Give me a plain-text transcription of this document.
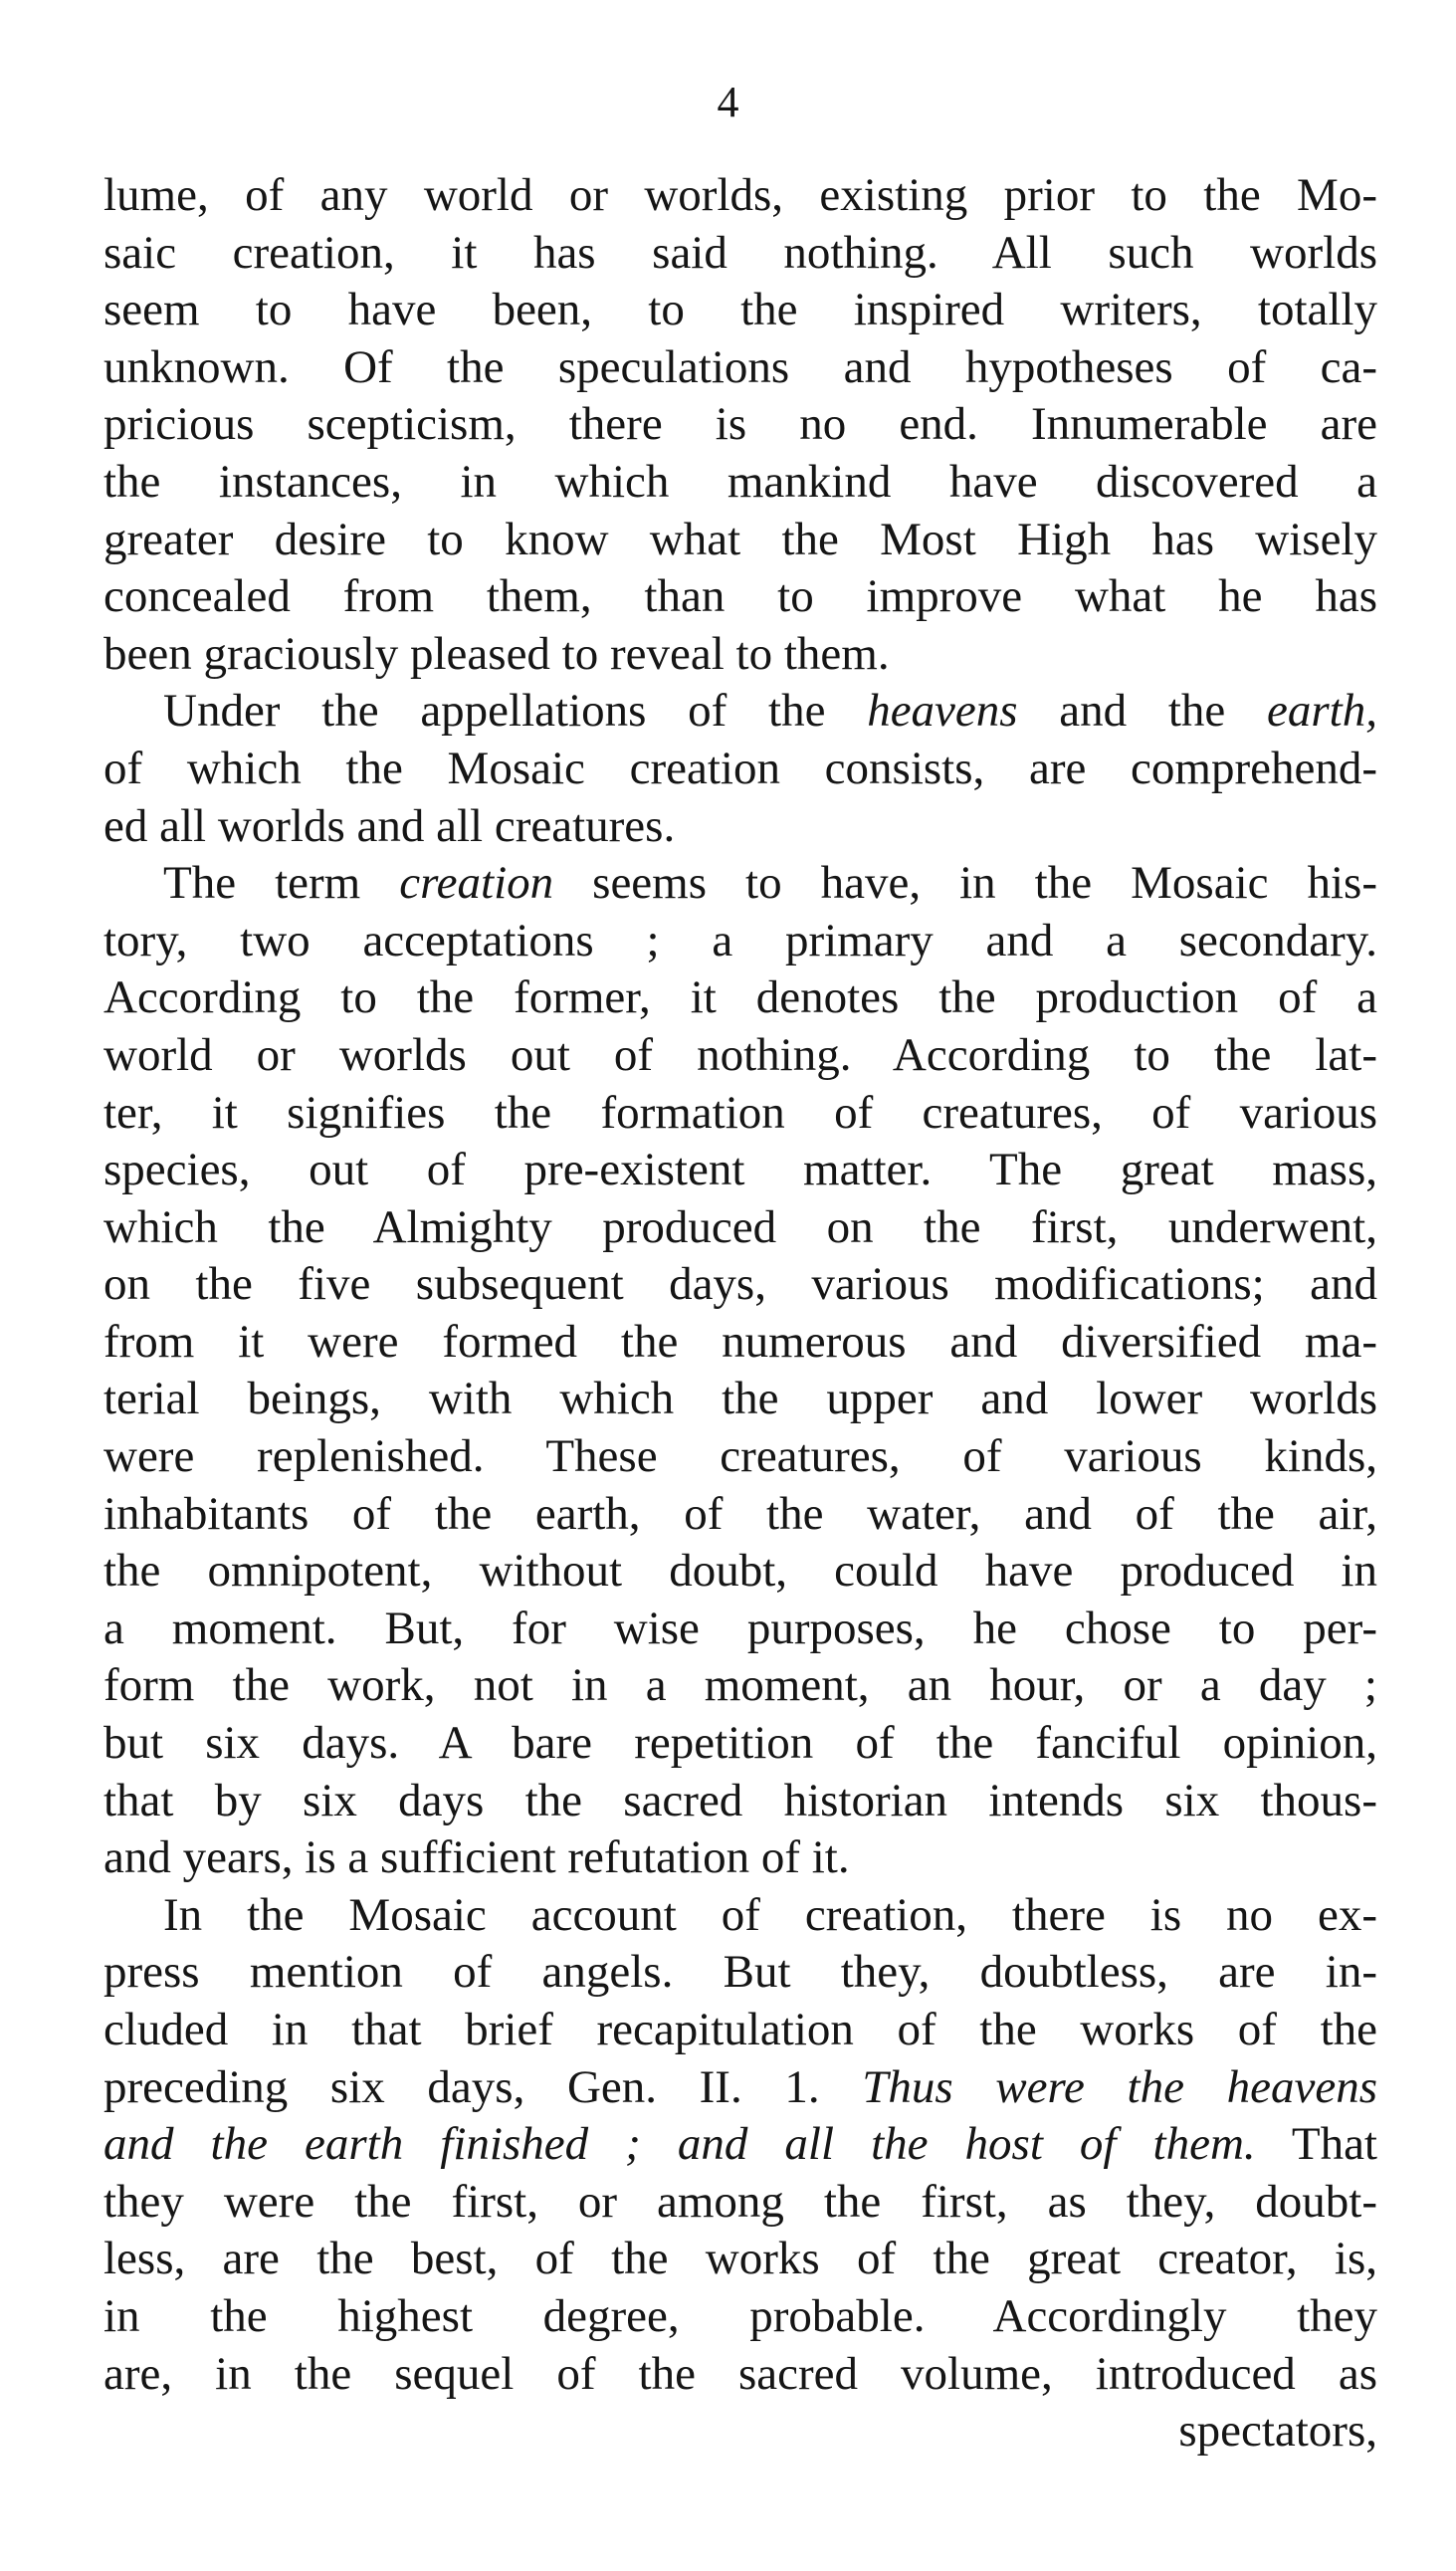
4
lume, of any world or worlds, existing prior to the Mo-
saic creation, it has said nothing. All such worlds
seem to have been, to the inspired writers, totally
unknown. Of the speculations and hypotheses of ca-
pricious scepticism, there is no end. Innumerable are
the instances, in which mankind have discovered a
greater desire to know what the Most High has wisely
concealed from them, than to improve what he has
been graciously pleased to reveal to them.
Under the appellations of the heavens and the earth,
of which the Mosaic creation consists, are comprehend-
ed all worlds and all creatures.
The term creation seems to have, in the Mosaic his-
tory, two acceptations ; a primary and a secondary.
According to the former, it denotes the production of a
world or worlds out of nothing. According to the lat-
ter, it signifies the formation of creatures, of various
species, out of pre-existent matter. The great mass,
which the Almighty produced on the first, underwent,
on the five subsequent days, various modifications; and
from it were formed the numerous and diversified ma-
terial beings, with which the upper and lower worlds
were replenished. These creatures, of various kinds,
inhabitants of the earth, of the water, and of the air,
the omnipotent, without doubt, could have produced in
a moment. But, for wise purposes, he chose to per-
form the work, not in a moment, an hour, or a day ;
but six days. A bare repetition of the fanciful opinion,
that by six days the sacred historian intends six thous-
and years, is a sufficient refutation of it.
In the Mosaic account of creation, there is no ex-
press mention of angels. But they, doubtless, are in-
cluded in that brief recapitulation of the works of the
preceding six days, Gen. II. 1. Thus were the heavens
and the earth finished ; and all the host of them. That
they were the first, or among the first, as they, doubt-
less, are the best, of the works of the great creator, is,
in the highest degree, probable. Accordingly they
are, in the sequel of the sacred volume, introduced as
spectators,
